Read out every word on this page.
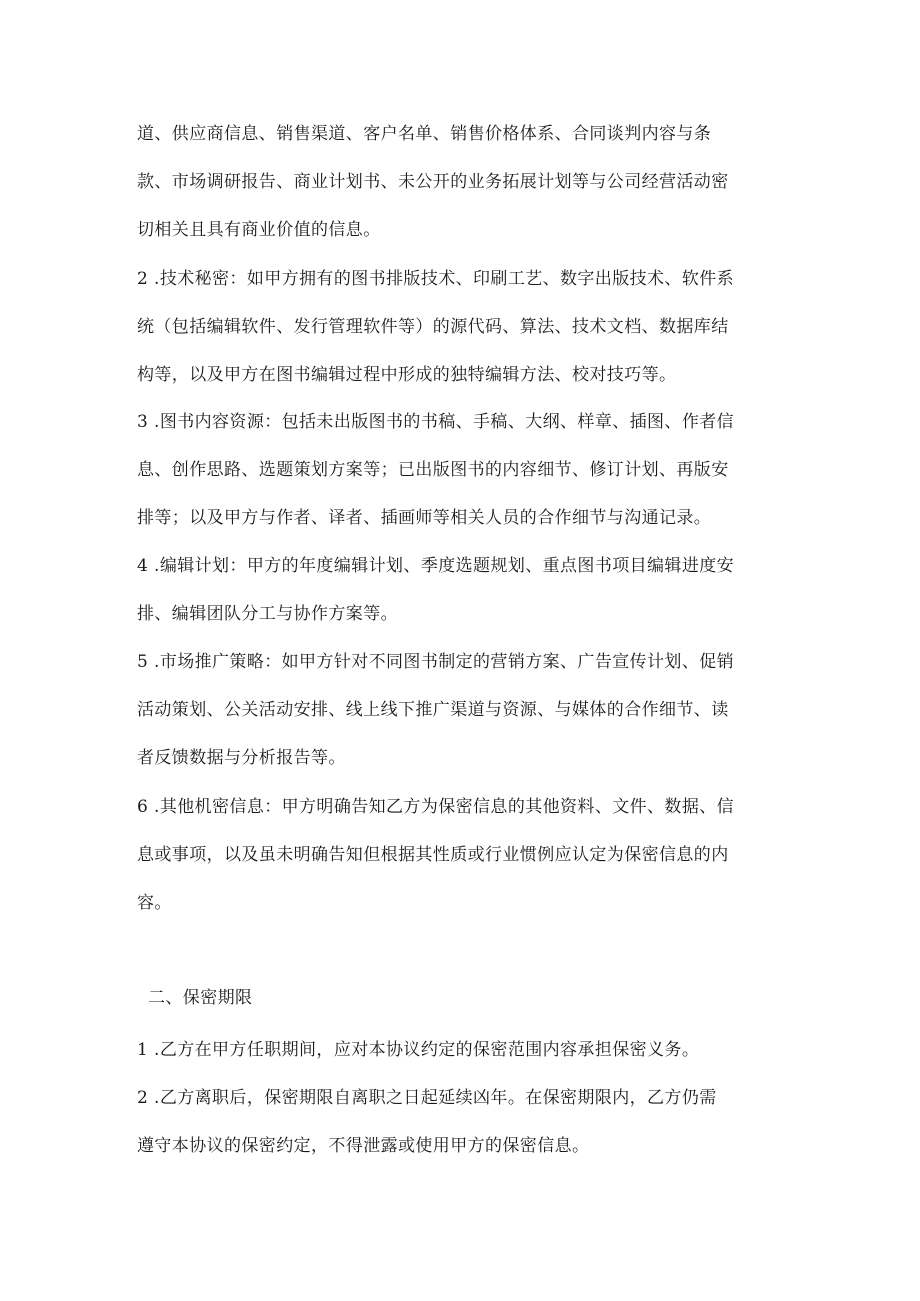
道、供应商信息、销售渠道、客户名单、销售价格体系、合同谈判内容与条
款、市场调研报告、商业计划书、未公开的业务拓展计划等与公司经营活动密
切相关且具有商业价值的信息。
2 .技术秘密：如甲方拥有的图书排版技术、印刷工艺、数字出版技术、软件系
统（包括编辑软件、发行管理软件等）的源代码、算法、技术文档、数据库结
构等，以及甲方在图书编辑过程中形成的独特编辑方法、校对技巧等。
3 .图书内容资源：包括未出版图书的书稿、手稿、大纲、样章、插图、作者信
息、创作思路、选题策划方案等；已出版图书的内容细节、修订计划、再版安
排等；以及甲方与作者、译者、插画师等相关人员的合作细节与沟通记录。
4 .编辑计划：甲方的年度编辑计划、季度选题规划、重点图书项目编辑进度安
排、编辑团队分工与协作方案等。
5 .市场推广策略：如甲方针对不同图书制定的营销方案、广告宣传计划、促销
活动策划、公关活动安排、线上线下推广渠道与资源、与媒体的合作细节、读
者反馈数据与分析报告等。
6 .其他机密信息：甲方明确告知乙方为保密信息的其他资料、文件、数据、信
息或事项，以及虽未明确告知但根据其性质或行业惯例应认定为保密信息的内
容。
二、保密期限
1 .乙方在甲方任职期间，应对本协议约定的保密范围内容承担保密义务。
2 .乙方离职后，保密期限自离职之日起延续凶年。在保密期限内，乙方仍需
遵守本协议的保密约定，不得泄露或使用甲方的保密信息。
